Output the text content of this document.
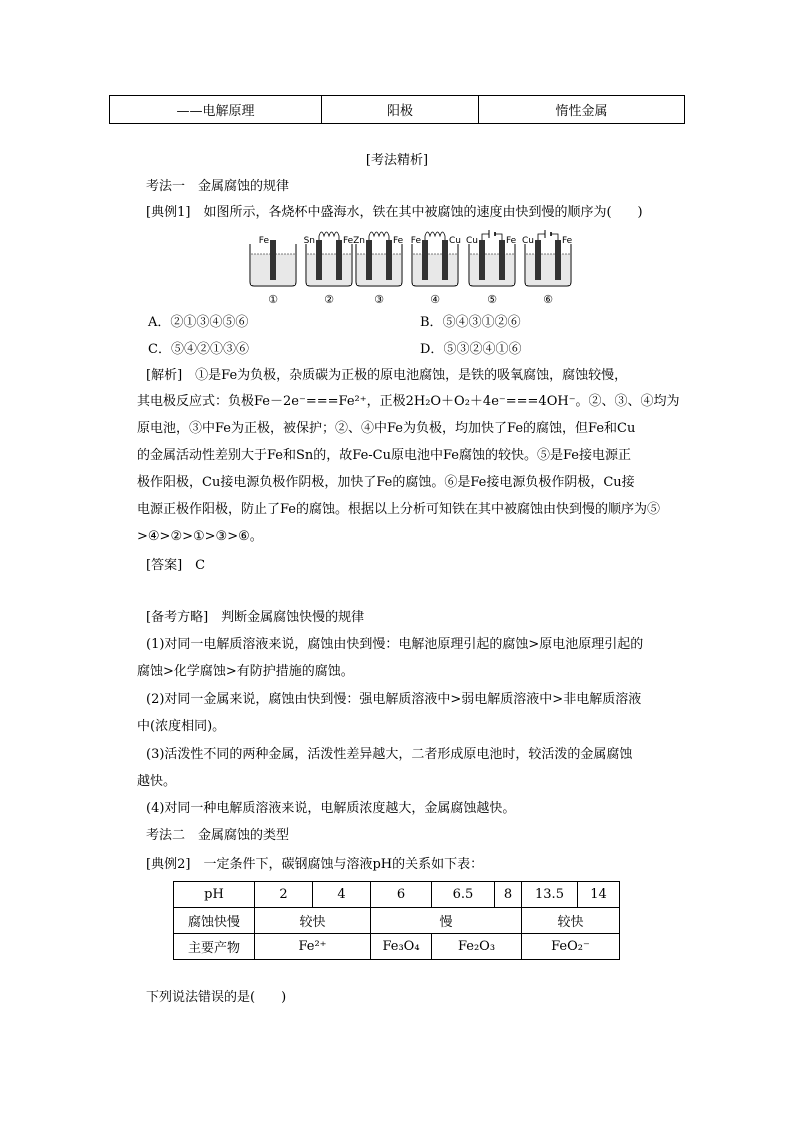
——电解原理	阳极	惰性金属
[考法精析]
考法一　 金属腐蚀的规律
[典例1]　 如图所示，各烧杯中盛海水，铁在其中被腐蚀的速度由快到慢的顺序为(　　)
Fe
①
Sn	Fe
②
Zn	Fe
③
Fe	Cu
④
Cu	Fe
⑤
Cu	Fe
⑥
A．②①③④⑤⑥	B．⑤④③①②⑥
C．⑤④②①③⑥	D．⑤③②④①⑥
[解析]　①是Fe为负极，杂质碳为正极的原电池腐蚀，是铁的吸氧腐蚀，腐蚀较慢，
其电极反应式：负极Fe－2e⁻===Fe²⁺，正极2H₂O＋O₂＋4e⁻===4OH⁻。②、③、④均为
原电池，③中Fe为正极，被保护；②、④中Fe为负极，均加快了Fe的腐蚀，但Fe和Cu
的金属活动性差别大于Fe和Sn的，故Fe-Cu原电池中Fe腐蚀的较快。⑤是Fe接电源正
极作阳极，Cu接电源负极作阴极，加快了Fe的腐蚀。⑥是Fe接电源负极作阴极，Cu接
电源正极作阳极，防止了Fe的腐蚀。根据以上分析可知铁在其中被腐蚀由快到慢的顺序为⑤
>④>②>①>③>⑥。
[答案]　C
[备考方略]　判断金属腐蚀快慢的规律
(1)对同一电解质溶液来说，腐蚀由快到慢：电解池原理引起的腐蚀>原电池原理引起的
腐蚀>化学腐蚀>有防护措施的腐蚀。
(2)对同一金属来说，腐蚀由快到慢：强电解质溶液中>弱电解质溶液中>非电解质溶液
中(浓度相同)。
(3)活泼性不同的两种金属，活泼性差异越大，二者形成原电池时，较活泼的金属腐蚀
越快。
(4)对同一种电解质溶液来说，电解质浓度越大，金属腐蚀越快。
考法二　 金属腐蚀的类型
[典例2]　 一定条件下，碳钢腐蚀与溶液pH的关系如下表：
pH	2	4	6	6.5	8	13.5	14
腐蚀快慢	较快		慢			较快	
主要产物	Fe²⁺		Fe₃O₄	Fe₂O₃		FeO₂⁻	
下列说法错误的是(　　)
